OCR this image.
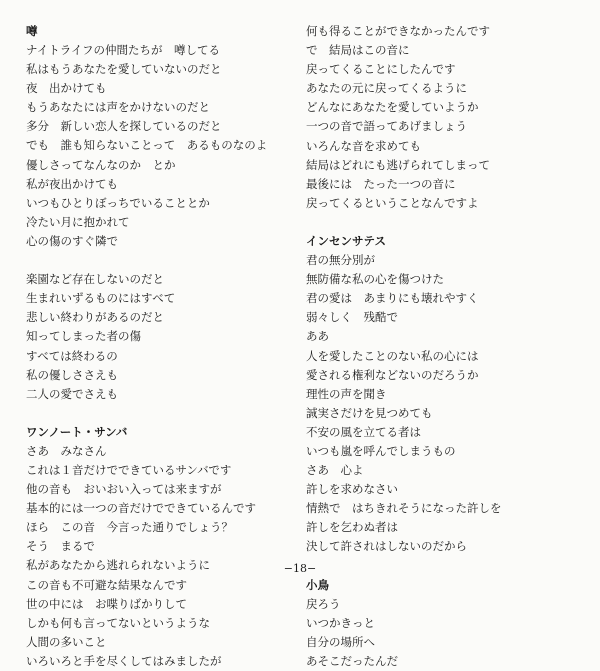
噂
ナイトライフの仲間たちが　噂してる
私はもうあなたを愛していないのだと
夜　出かけても
もうあなたには声をかけないのだと
多分　新しい恋人を探しているのだと
でも　誰も知らないことって　あるものなのよ
優しさってなんなのか　とか
私が夜出かけても
いつもひとりぼっちでいることとか
冷たい月に抱かれて
心の傷のすぐ隣で
楽園など存在しないのだと
生まれいずるものにはすべて
悲しい終わりがあるのだと
知ってしまった者の傷
すべては終わるの
私の優しささえも
二人の愛でさえも
ワンノート・サンバ
さあ　みなさん
これは１音だけでできているサンバです
他の音も　おいおい入っては来ますが
基本的には一つの音だけでできているんです
ほら　この音　今言った通りでしょう？
そう　まるで
私があなたから逃れられないように
この音も不可避な結果なんです
世の中には　お喋りばかりして
しかも何も言ってないというような
人間の多いこと
いろいろと手を尽くしてはみましたが
何も得ることができなかったんです
で　結局はこの音に
戻ってくることにしたんです
あなたの元に戻ってくるように
どんなにあなたを愛していようか
一つの音で語ってあげましょう
いろんな音を求めても
結局はどれにも逃げられてしまって
最後には　たった一つの音に
戻ってくるということなんですよ
インセンサテス
君の無分別が
無防備な私の心を傷つけた
君の愛は　あまりにも壊れやすく
弱々しく　残酷で
ああ
人を愛したことのない私の心には
愛される権利などないのだろうか
理性の声を聞き
誠実さだけを見つめても
不安の風を立てる者は
いつも嵐を呼んでしまうもの
さあ　心よ
許しを求めなさい
情熱で　はちきれそうになった許しを
許しを乞わぬ者は
決して許されはしないのだから
小鳥
戻ろう
いつかきっと
自分の場所へ
あそこだったんだ
−18−
